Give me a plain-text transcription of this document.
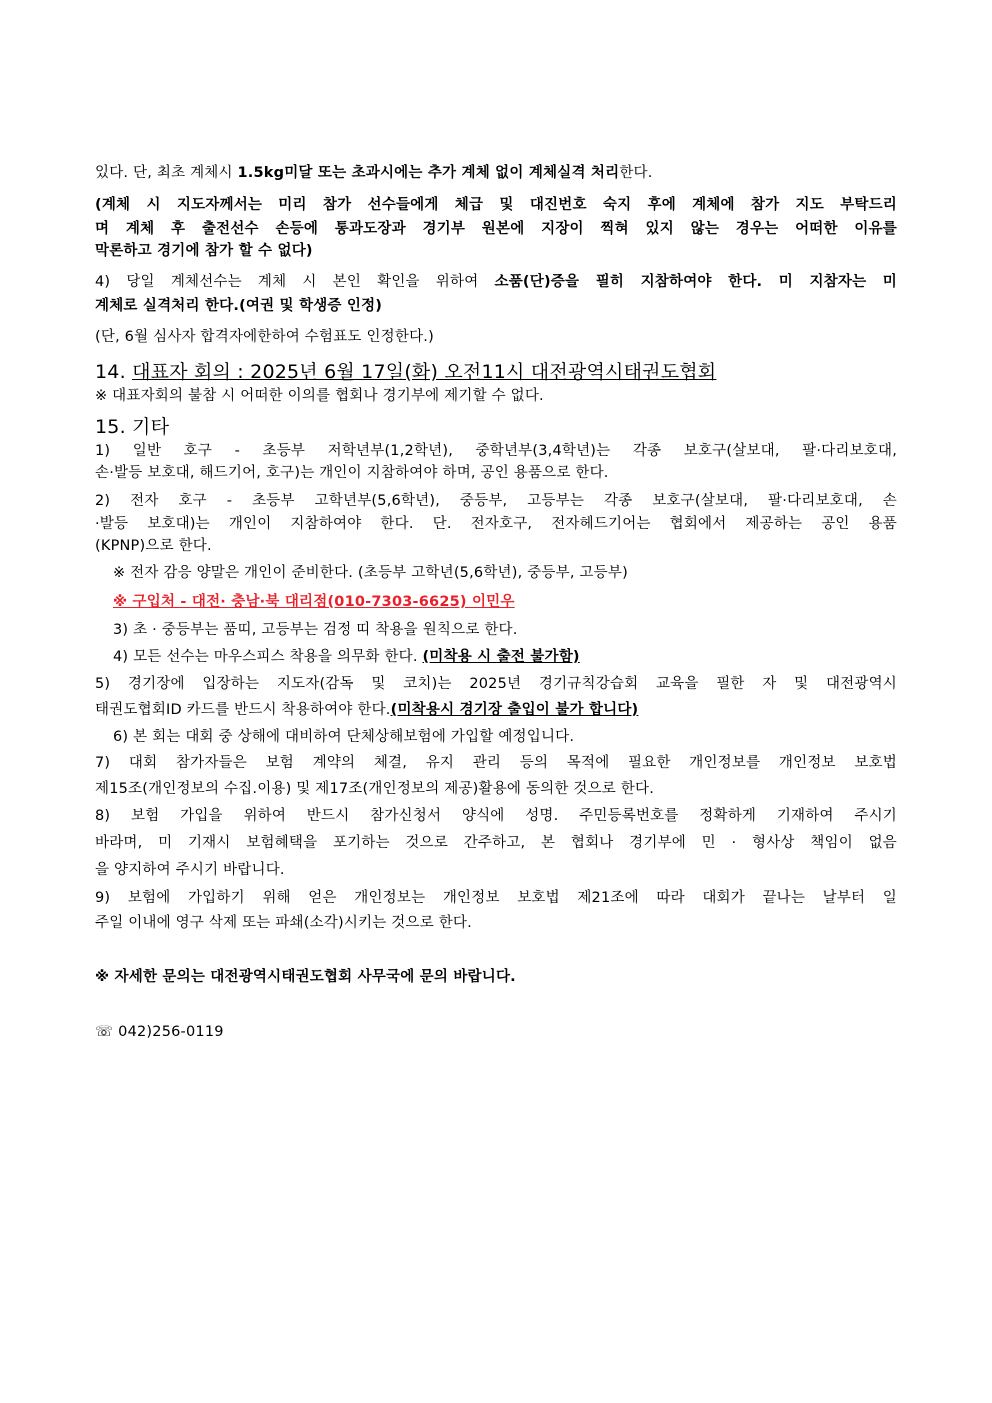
있다. 단, 최초 계체시 1.5kg미달 또는 초과시에는 추가 계체 없이 계체실격 처리한다.
(계체 시 지도자께서는 미리 참가 선수들에게 체급 및 대진번호 숙지 후에 계체에 참가 지도 부탁드리
며 계체 후 출전선수 손등에 통과도장과 경기부 원본에 지장이 찍혀 있지 않는 경우는 어떠한 이유를
막론하고 경기에 참가 할 수 없다)
4) 당일 계체선수는 계체 시 본인 확인을 위하여 소품(단)증을 필히 지참하여야 한다. 미 지참자는 미
계체로 실격처리 한다.(여권 및 학생증 인정)
(단, 6월 심사자 합격자에한하여 수험표도 인정한다.)
14. 대표자 회의 : 2025년 6월 17일(화) 오전11시 대전광역시태권도협회
※ 대표자회의 불참 시 어떠한 이의를 협회나 경기부에 제기할 수 없다.
15. 기타
1) 일반 호구 - 초등부 저학년부(1,2학년), 중학년부(3,4학년)는 각종 보호구(살보대, 팔·다리보호대,
손·발등 보호대, 해드기어, 호구)는 개인이 지참하여야 하며, 공인 용품으로 한다.
2) 전자 호구 - 초등부 고학년부(5,6학년), 중등부, 고등부는 각종 보호구(살보대, 팔·다리보호대, 손
·발등 보호대)는 개인이 지참하여야 한다. 단. 전자호구, 전자헤드기어는 협회에서 제공하는 공인 용품
(KPNP)으로 한다.
※ 전자 감응 양말은 개인이 준비한다. (초등부 고학년(5,6학년), 중등부, 고등부)
※ 구입처 - 대전· 충남·북 대리점(010-7303-6625) 이민우
3) 초 · 중등부는 품띠, 고등부는 검정 띠 착용을 원칙으로 한다.
4) 모든 선수는 마우스피스 착용을 의무화 한다. (미착용 시 출전 불가함)
5) 경기장에 입장하는 지도자(감독 및 코치)는 2025년 경기규칙강습회 교육을 필한 자 및 대전광역시
태권도협회ID 카드를 반드시 착용하여야 한다.(미착용시 경기장 출입이 불가 합니다)
6) 본 회는 대회 중 상해에 대비하여 단체상해보험에 가입할 예정입니다.
7) 대회 참가자들은 보험 계약의 체결, 유지 관리 등의 목적에 필요한 개인정보를 개인정보 보호법
제15조(개인정보의 수집.이용) 및 제17조(개인정보의 제공)활용에 동의한 것으로 한다.
8) 보험 가입을 위하여 반드시 참가신청서 양식에 성명. 주민등록번호를 정확하게 기재하여 주시기
바라며, 미 기재시 보험혜택을 포기하는 것으로 간주하고, 본 협회나 경기부에 민 · 형사상 책임이 없음
을 양지하여 주시기 바랍니다.
9) 보험에 가입하기 위해 얻은 개인정보는 개인정보 보호법 제21조에 따라 대회가 끝나는 날부터 일
주일 이내에 영구 삭제 또는 파쇄(소각)시키는 것으로 한다.
※ 자세한 문의는 대전광역시태권도협회 사무국에 문의 바랍니다.
☏ 042)256-0119
